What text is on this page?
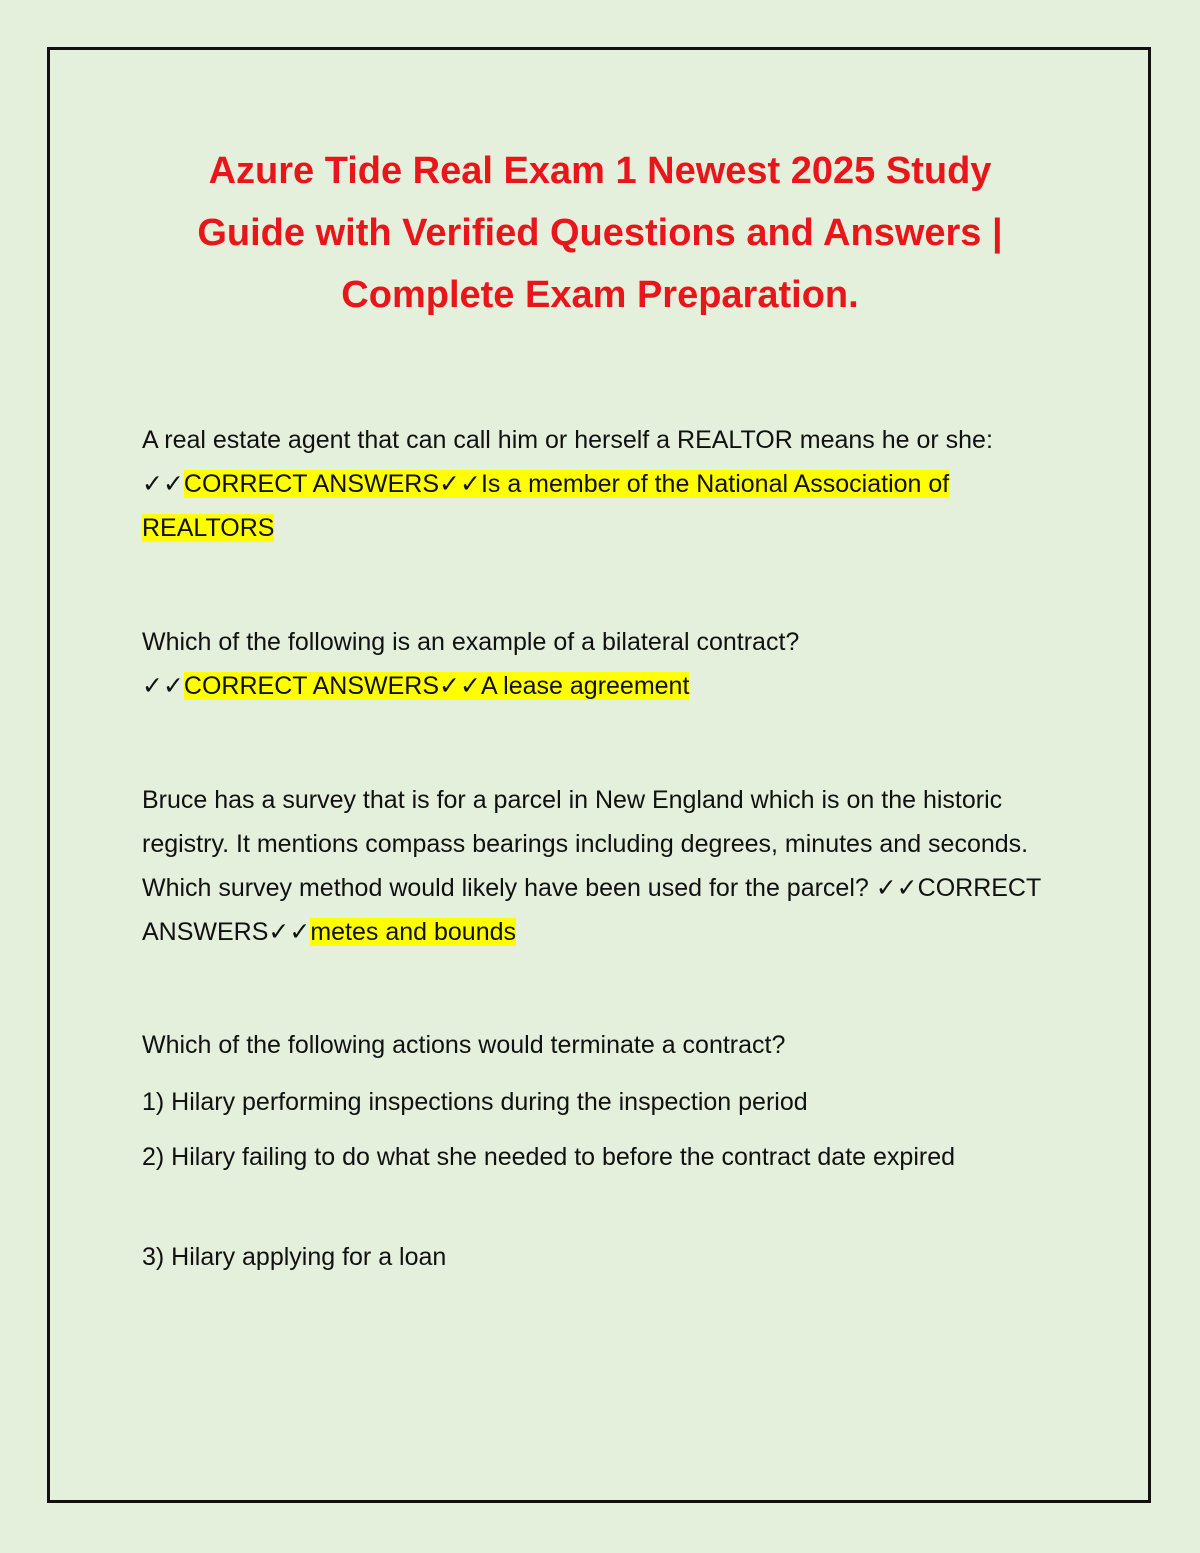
Azure Tide Real Exam 1 Newest 2025 Study
Guide with Verified Questions and Answers |
Complete Exam Preparation.

A real estate agent that can call him or herself a REALTOR means he or she: ✓✓CORRECT ANSWERS✓✓Is a member of the National Association of REALTORS

Which of the following is an example of a bilateral contract?
✓✓CORRECT ANSWERS✓✓A lease agreement

Bruce has a survey that is for a parcel in New England which is on the historic registry. It mentions compass bearings including degrees, minutes and seconds. Which survey method would likely have been used for the parcel? ✓✓CORRECT ANSWERS✓✓metes and bounds

Which of the following actions would terminate a contract?

1) Hilary performing inspections during the inspection period

2) Hilary failing to do what she needed to before the contract date expired

3) Hilary applying for a loan
